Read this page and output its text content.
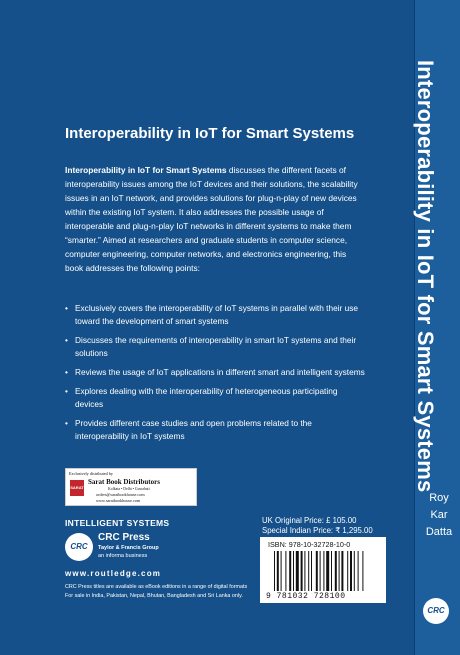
Interoperability in IoT for Smart Systems
Roy
Kar
Datta
CRC
Interoperability in IoT for Smart Systems
Interoperability in IoT for Smart Systems discusses the different facets of interoperability issues among the IoT devices and their solutions, the scalability issues in an IoT network, and provides solutions for plug-n-play of new devices within the existing IoT system. It also addresses the possible usage of interoperable and plug-n-play IoT networks in different systems to make them “smarter.” Aimed at researchers and graduate students in computer science, computer engineering, computer networks, and electronics engineering, this book addresses the following points:
• Exclusively covers the interoperability of IoT systems in parallel with their use toward the development of smart systems
• Discusses the requirements of interoperability in smart IoT systems and their solutions
• Reviews the usage of IoT applications in different smart and intelligent systems
• Explores dealing with the interoperability of heterogeneous participating devices
• Provides different case studies and open problems related to the interoperability in IoT systems
Exclusively distributed by
SARAT
Sarat Book Distributors
Kolkata • Delhi • Guwahati
orders@saratbookhouse.com
www.saratbookhouse.com
INTELLIGENT SYSTEMS
CRC
CRC Press
Taylor & Francis Group
an informa business
www.routledge.com
CRC Press titles are available as eBook editions in a range of digital formats
For sale in India, Pakistan, Nepal, Bhutan, Bangladesh and Sri Lanka only.
UK Original Price: £ 105.00
Special Indian Price: ₹ 1,295.00
ISBN: 978-10-32728-10-0
9 781032 728100
